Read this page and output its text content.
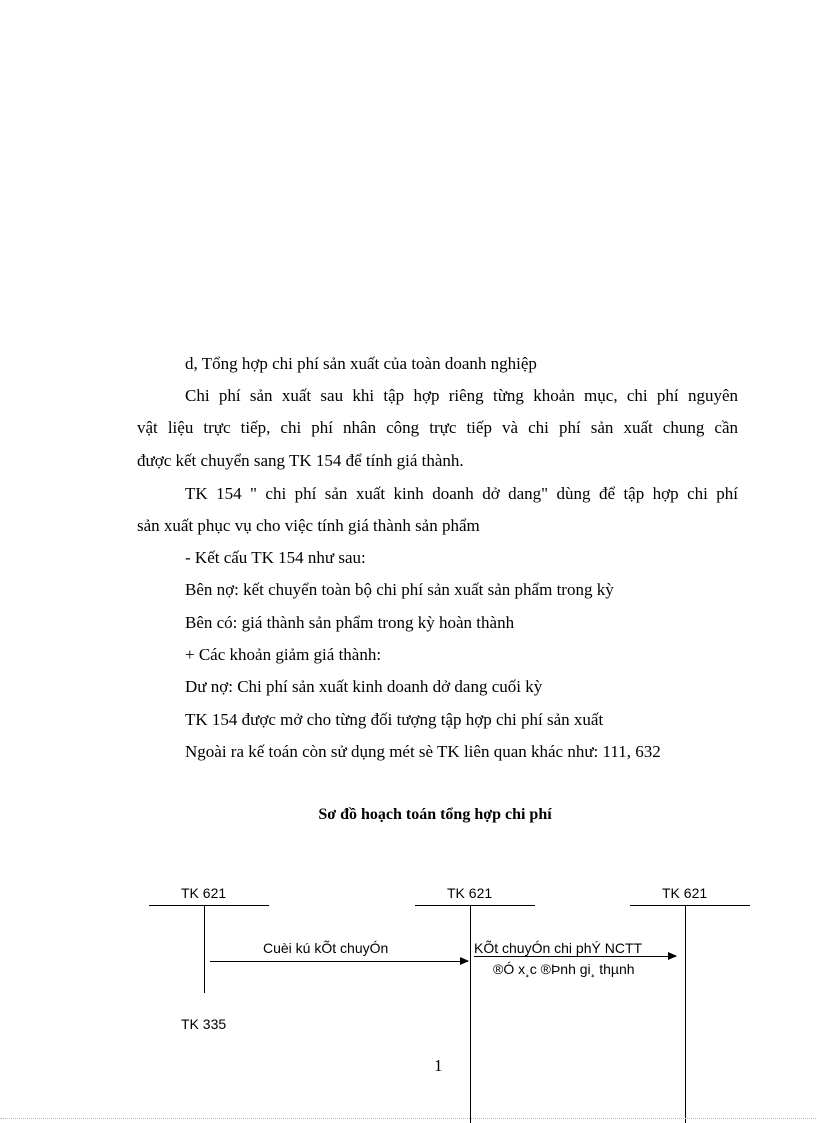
d, Tổng hợp chi phí sản xuất của toàn doanh nghiệp
Chi phí sản xuất sau khi tập hợp riêng từng khoản mục, chi phí nguyên
vật liệu trực tiếp, chi phí nhân công trực tiếp và chi phí sản xuất chung cần
được kết chuyển sang TK 154 để tính giá thành.
TK 154 " chi phí sản xuất kinh doanh dở dang" dùng để tập hợp chi phí
sản xuất phục vụ cho việc tính giá thành sản phẩm
- Kết cấu TK 154 như sau:
Bên nợ: kết chuyển toàn bộ chi phí sản xuất sản phẩm trong kỳ
Bên có: giá thành sản phẩm trong kỳ hoàn thành
+ Các khoản giảm giá thành:
Dư nợ: Chi phí sản xuất kinh doanh dở dang cuối kỳ
TK 154 được mở cho từng đối tượng tập hợp chi phí sản xuất
Ngoài ra kế toán còn sử dụng mét sè TK liên quan khác như: 111, 632
Sơ đồ hoạch toán tổng hợp chi phí
TK 621	TK 621	TK 621
Cuèi kú kÕt chuyÓn	KÕt chuyÓn chi phÝ NCTT
®Ó x¸c ®Þnh gi¸ thµnh
TK 335
1
